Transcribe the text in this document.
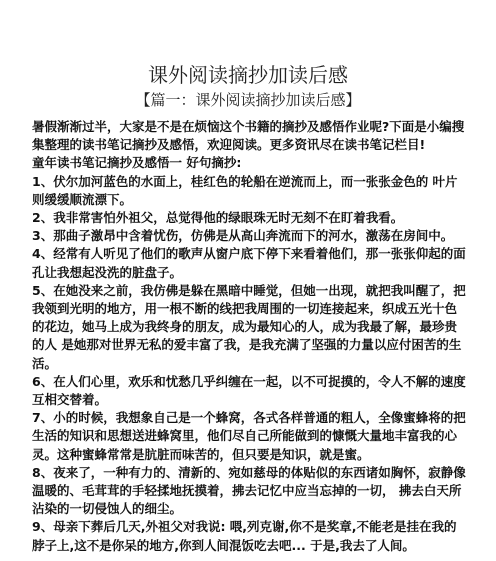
课外阅读摘抄加读后感
【篇一：课外阅读摘抄加读后感】

暑假渐渐过半，大家是不是在烦恼这个书籍的摘抄及感悟作业呢?下面是小编搜集整理的读书笔记摘抄及感悟，欢迎阅读。更多资讯尽在读书笔记栏目!

童年读书笔记摘抄及感悟一 好句摘抄:

1、伏尔加河蓝色的水面上，桂红色的轮船在逆流而上，而一张张金色的 叶片则缓缓顺流漂下。

2、我非常害怕外祖父，总觉得他的绿眼珠无时无刻不在盯着我看。

3、那曲子激昂中含着忧伤，仿佛是从高山奔流而下的河水，激荡在房间中。

4、经常有人听见了他们的歌声从窗户底下停下来看着他们，那一张张仰起的面孔让我想起没洗的脏盘子。

5、在她没来之前，我仿佛是躲在黑暗中睡觉，但她一出现，就把我叫醒了，把我领到光明的地方，用一根不断的线把我周围的一切连接起来，织成五光十色的花边，她马上成为我终身的朋友，成为最知心的人，成为我最了解，最珍贵的人 是她那对世界无私的爱丰富了我，是我充满了坚强的力量以应付困苦的生活。

6、在人们心里，欢乐和忧愁几乎纠缠在一起，以不可捉摸的，令人不解的速度互相交替着。

7、小的时候，我想象自己是一个蜂窝，各式各样普通的粗人，全像蜜蜂将的把生活的知识和思想送进蜂窝里，他们尽自己所能做到的慷慨大量地丰富我的心灵。这种蜜蜂常常是肮脏而味苦的，但只要是知识，就是蜜。

8、夜来了，一种有力的、清新的、宛如慈母的体贴似的东西诸如胸怀，寂静像温暖的、毛茸茸的手轻揉地抚摸着，拂去记忆中应当忘掉的一切， 拂去白天所沾染的一切侵蚀人的细尘。

9、母亲下葬后几天,外祖父对我说: 喂,列克谢,你不是奖章,不能老是挂在我的脖子上,这不是你呆的地方,你到人间混饭吃去吧... 于是,我去了人间。
